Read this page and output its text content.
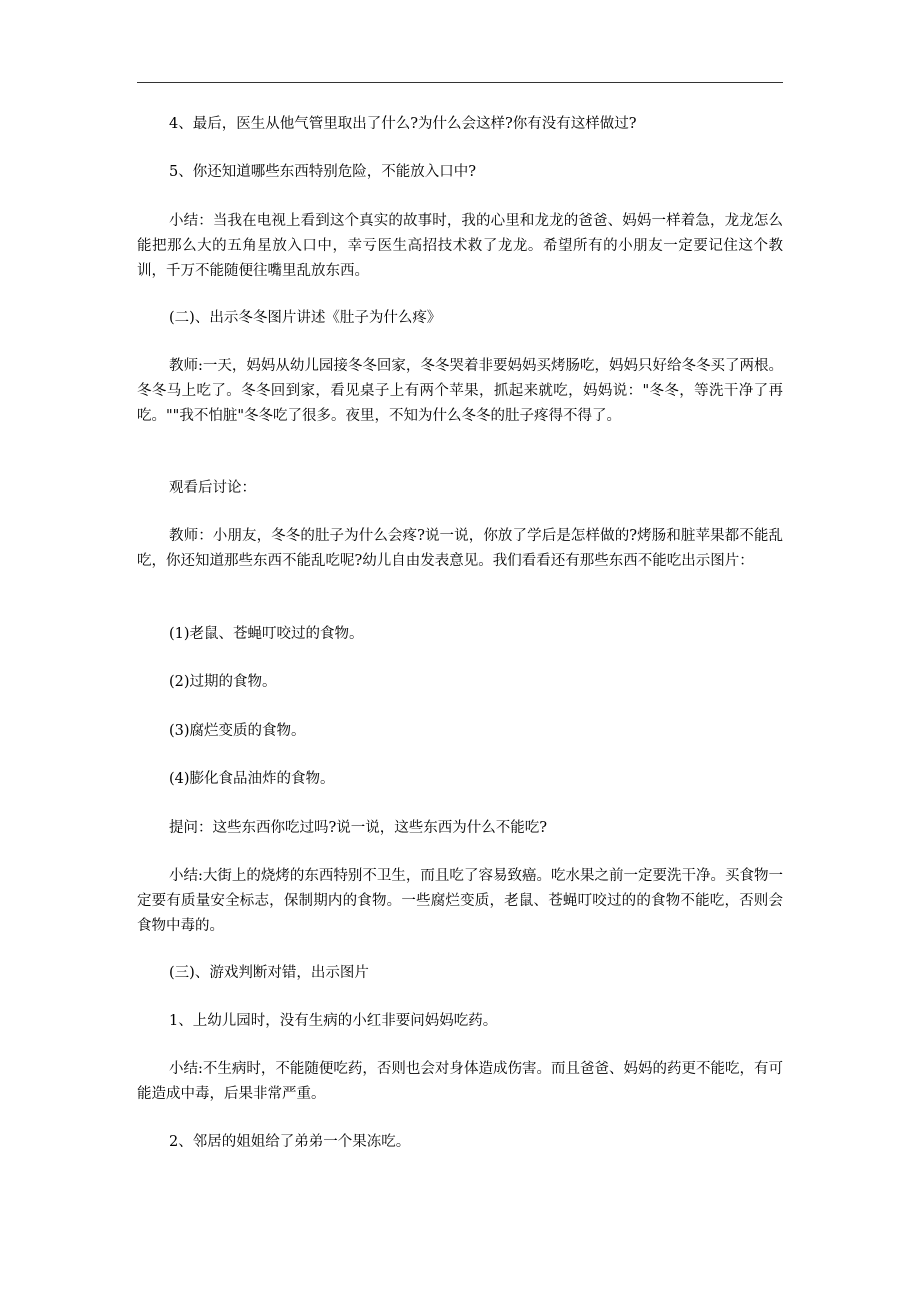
4、最后，医生从他气管里取出了什么?为什么会这样?你有没有这样做过?

5、你还知道哪些东西特别危险，不能放入口中?

小结：当我在电视上看到这个真实的故事时，我的心里和龙龙的爸爸、妈妈一样着急，龙龙怎么能把那么大的五角星放入口中，幸亏医生高招技术救了龙龙。希望所有的小朋友一定要记住这个教训，千万不能随便往嘴里乱放东西。

(二)、出示冬冬图片讲述《肚子为什么疼》

教师:一天，妈妈从幼儿园接冬冬回家，冬冬哭着非要妈妈买烤肠吃，妈妈只好给冬冬买了两根。冬冬马上吃了。冬冬回到家，看见桌子上有两个苹果，抓起来就吃，妈妈说："冬冬，等洗干净了再吃。""我不怕脏"冬冬吃了很多。夜里，不知为什么冬冬的肚子疼得不得了。

观看后讨论：

教师：小朋友，冬冬的肚子为什么会疼?说一说，你放了学后是怎样做的?烤肠和脏苹果都不能乱吃，你还知道那些东西不能乱吃呢?幼儿自由发表意见。我们看看还有那些东西不能吃出示图片：

(1)老鼠、苍蝇叮咬过的食物。

(2)过期的食物。

(3)腐烂变质的食物。

(4)膨化食品油炸的食物。

提问：这些东西你吃过吗?说一说，这些东西为什么不能吃?

小结:大街上的烧烤的东西特别不卫生，而且吃了容易致癌。吃水果之前一定要洗干净。买食物一定要有质量安全标志，保制期内的食物。一些腐烂变质，老鼠、苍蝇叮咬过的的食物不能吃，否则会食物中毒的。

(三)、游戏判断对错，出示图片

1、上幼儿园时，没有生病的小红非要问妈妈吃药。

小结:不生病时，不能随便吃药，否则也会对身体造成伤害。而且爸爸、妈妈的药更不能吃，有可能造成中毒，后果非常严重。

2、邻居的姐姐给了弟弟一个果冻吃。
